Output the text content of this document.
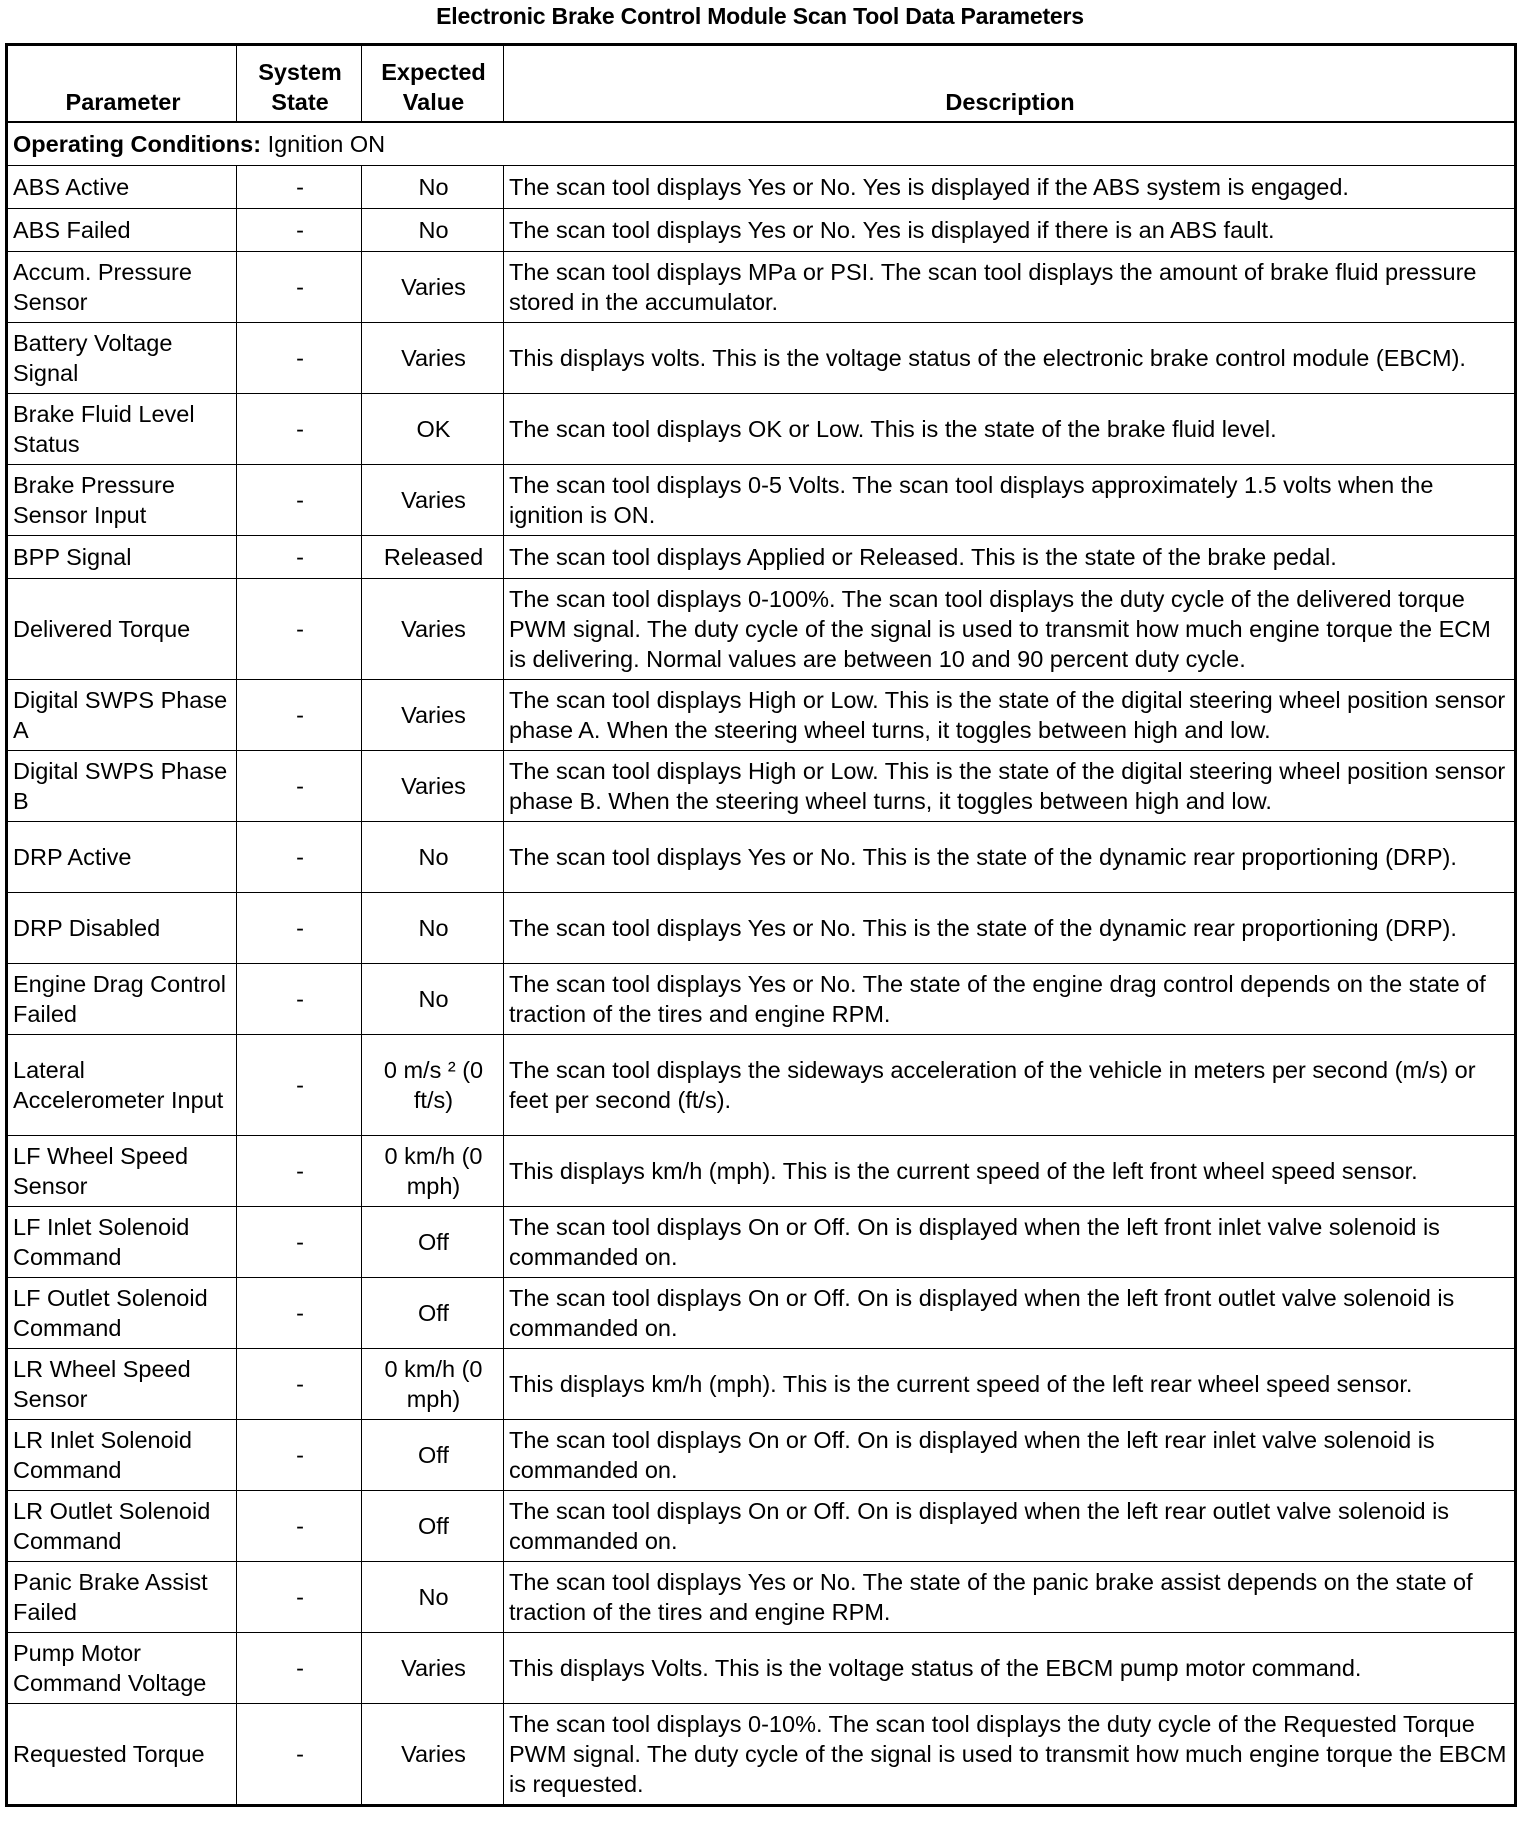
Electronic Brake Control Module Scan Tool Data Parameters
Parameter	System State	Expected Value	Description
Operating Conditions: Ignition ON			
ABS Active	-	No	The scan tool displays Yes or No. Yes is displayed if the ABS system is engaged.
ABS Failed	-	No	The scan tool displays Yes or No. Yes is displayed if there is an ABS fault.
Accum. Pressure Sensor	-	Varies	The scan tool displays MPa or PSI. The scan tool displays the amount of brake fluid pressure stored in the accumulator.
Battery Voltage Signal	-	Varies	This displays volts. This is the voltage status of the electronic brake control module (EBCM).
Brake Fluid Level Status	-	OK	The scan tool displays OK or Low. This is the state of the brake fluid level.
Brake Pressure Sensor Input	-	Varies	The scan tool displays 0-5 Volts. The scan tool displays approximately 1.5 volts when the ignition is ON.
BPP Signal	-	Released	The scan tool displays Applied or Released. This is the state of the brake pedal.
Delivered Torque	-	Varies	The scan tool displays 0-100%. The scan tool displays the duty cycle of the delivered torque PWM signal. The duty cycle of the signal is used to transmit how much engine torque the ECM is delivering. Normal values are between 10 and 90 percent duty cycle.
Digital SWPS Phase A	-	Varies	The scan tool displays High or Low. This is the state of the digital steering wheel position sensor phase A. When the steering wheel turns, it toggles between high and low.
Digital SWPS Phase B	-	Varies	The scan tool displays High or Low. This is the state of the digital steering wheel position sensor phase B. When the steering wheel turns, it toggles between high and low.
DRP Active	-	No	The scan tool displays Yes or No. This is the state of the dynamic rear proportioning (DRP).
DRP Disabled	-	No	The scan tool displays Yes or No. This is the state of the dynamic rear proportioning (DRP).
Engine Drag Control Failed	-	No	The scan tool displays Yes or No. The state of the engine drag control depends on the state of traction of the tires and engine RPM.
Lateral Accelerometer Input	-	0 m/s ² (0 ft/s)	The scan tool displays the sideways acceleration of the vehicle in meters per second (m/s) or feet per second (ft/s).
LF Wheel Speed Sensor	-	0 km/h (0 mph)	This displays km/h (mph). This is the current speed of the left front wheel speed sensor.
LF Inlet Solenoid Command	-	Off	The scan tool displays On or Off. On is displayed when the left front inlet valve solenoid is commanded on.
LF Outlet Solenoid Command	-	Off	The scan tool displays On or Off. On is displayed when the left front outlet valve solenoid is commanded on.
LR Wheel Speed Sensor	-	0 km/h (0 mph)	This displays km/h (mph). This is the current speed of the left rear wheel speed sensor.
LR Inlet Solenoid Command	-	Off	The scan tool displays On or Off. On is displayed when the left rear inlet valve solenoid is commanded on.
LR Outlet Solenoid Command	-	Off	The scan tool displays On or Off. On is displayed when the left rear outlet valve solenoid is commanded on.
Panic Brake Assist Failed	-	No	The scan tool displays Yes or No. The state of the panic brake assist depends on the state of traction of the tires and engine RPM.
Pump Motor Command Voltage	-	Varies	This displays Volts. This is the voltage status of the EBCM pump motor command.
Requested Torque	-	Varies	The scan tool displays 0-10%. The scan tool displays the duty cycle of the Requested Torque PWM signal. The duty cycle of the signal is used to transmit how much engine torque the EBCM is requested.
